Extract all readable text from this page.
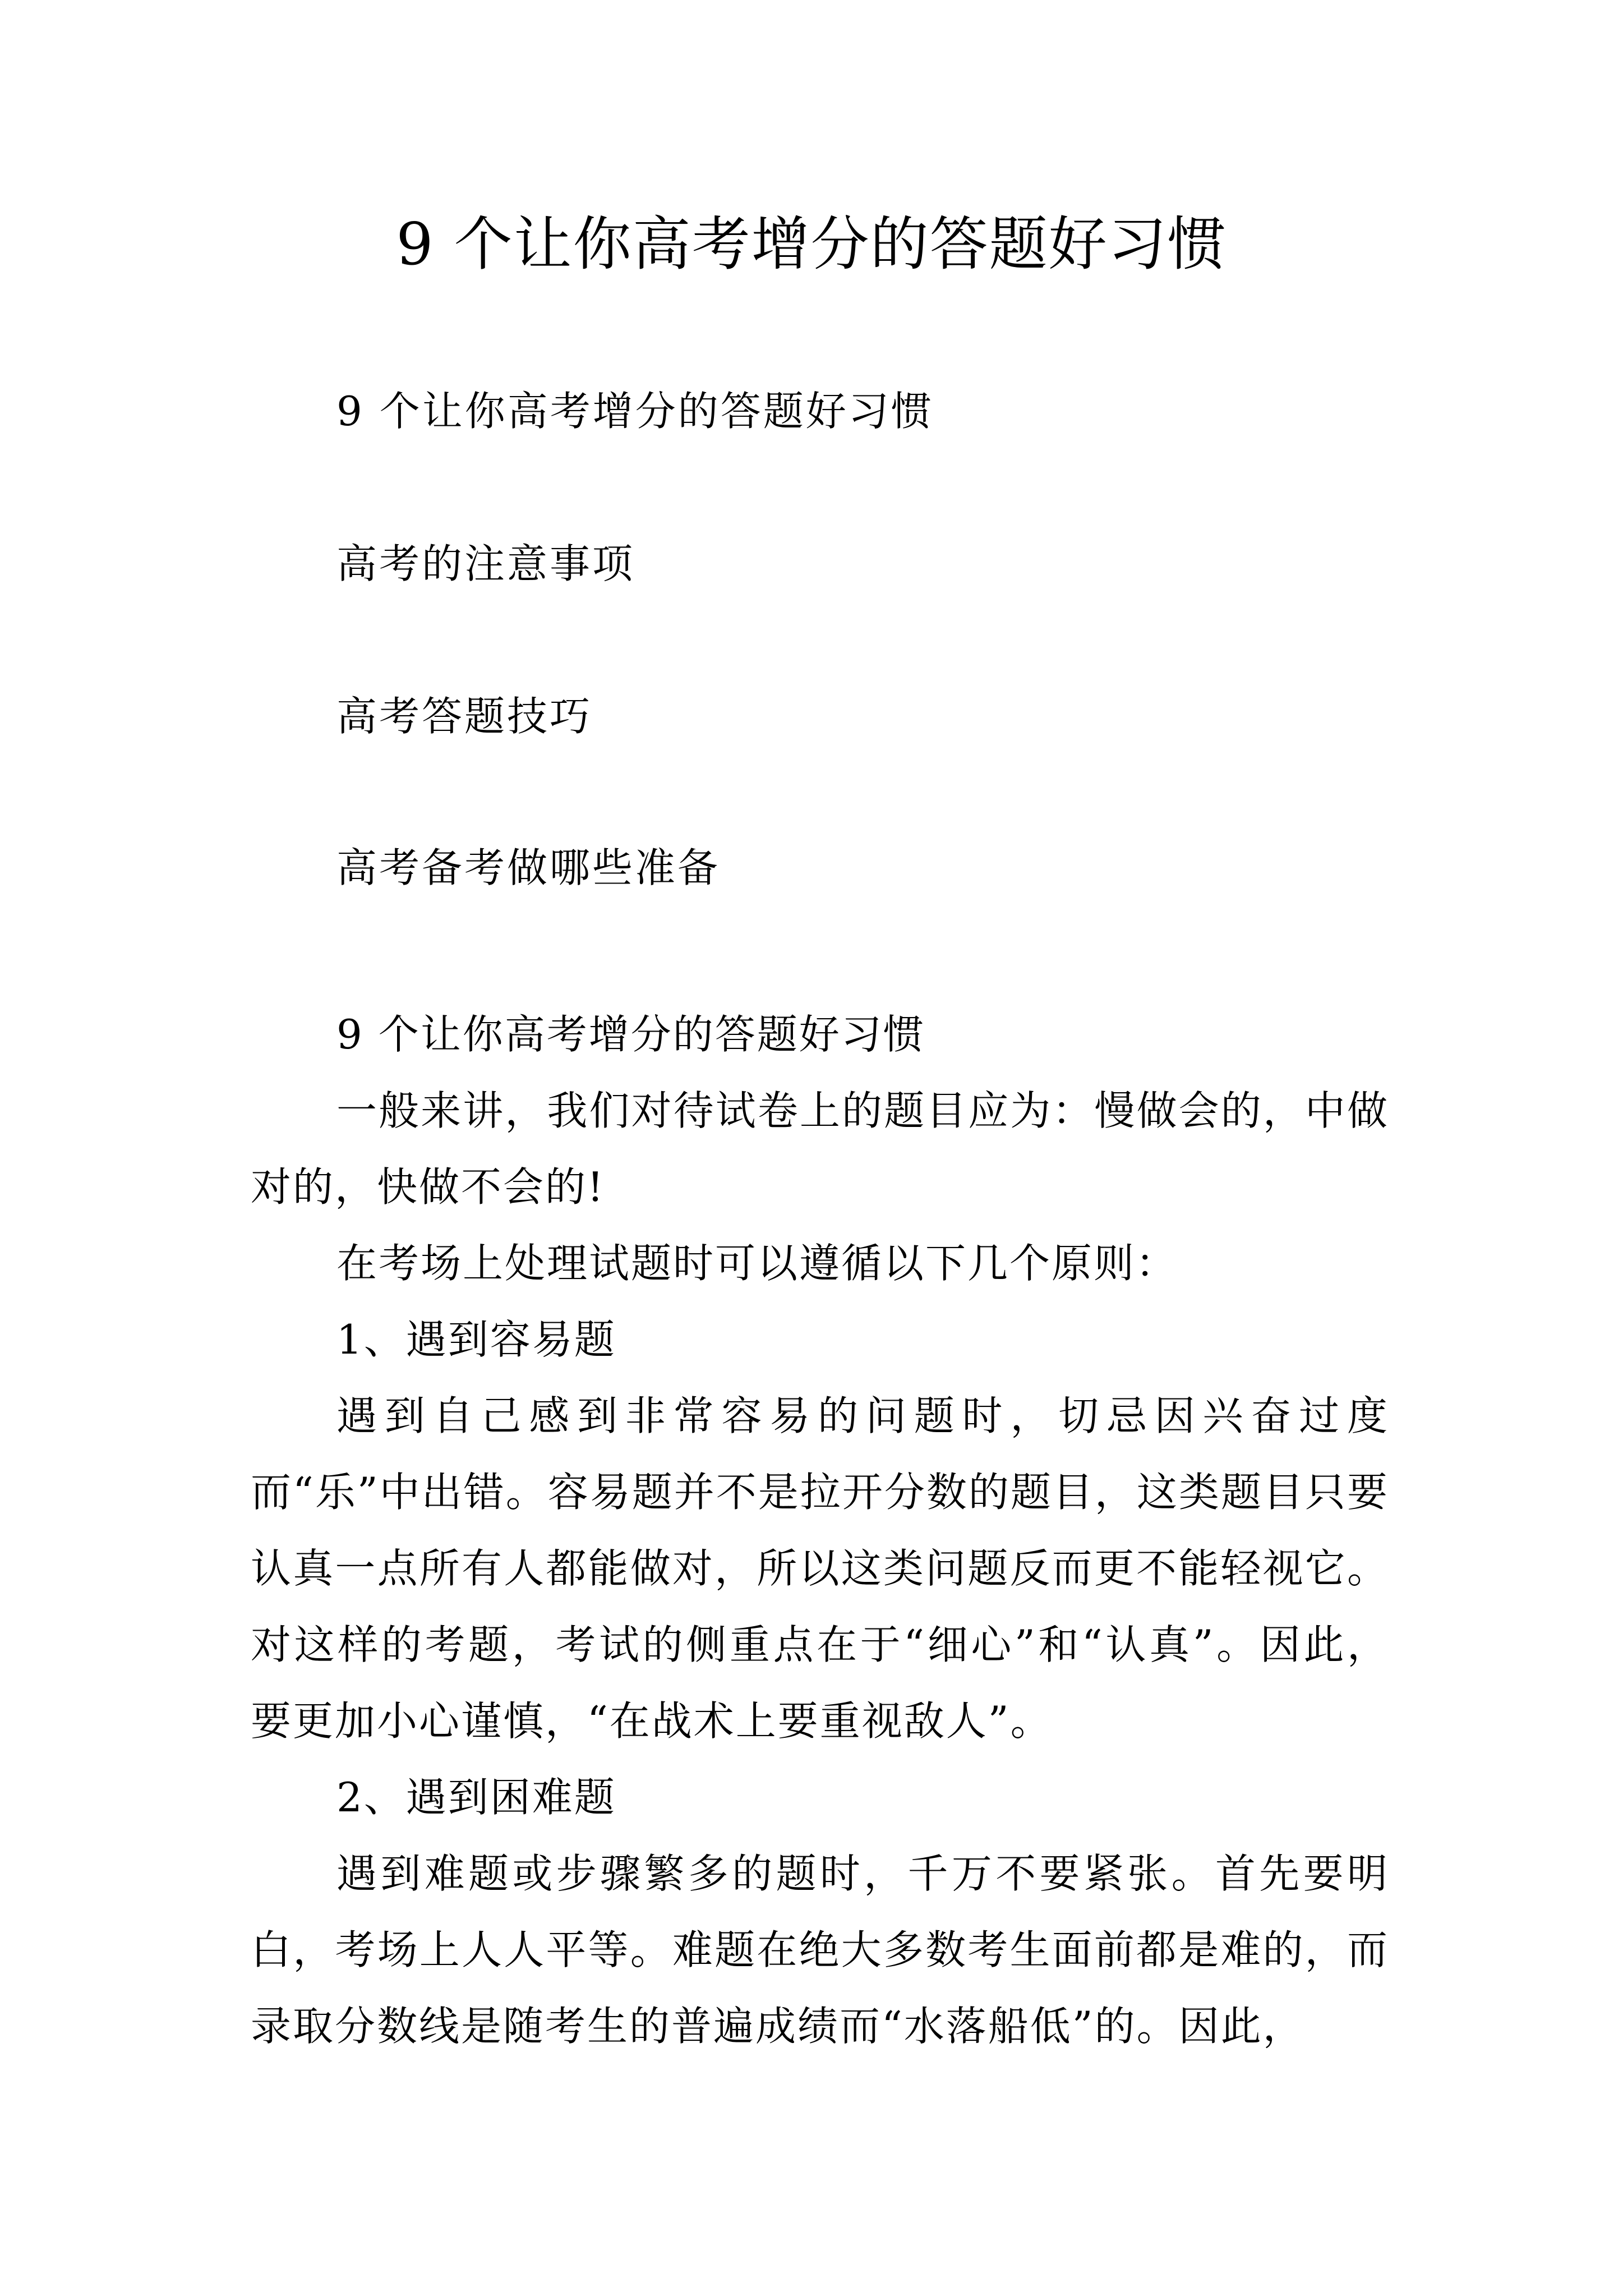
9 个让你高考增分的答题好习惯
9 个让你高考增分的答题好习惯
高考的注意事项
高考答题技巧
高考备考做哪些准备

9 个让你高考增分的答题好习惯

一般来讲，我们对待试卷上的题目应为：慢做会的，中做对的，快做不会的!

在考场上处理试题时可以遵循以下几个原则：

1、遇到容易题

遇到自己感到非常容易的问题时，切忌因兴奋过度而“乐”中出错。容易题并不是拉开分数的题目，这类题目只要认真一点所有人都能做对，所以这类问题反而更不能轻视它。对这样的考题，考试的侧重点在于“细心”和“认真”。因此，要更加小心谨慎，“在战术上要重视敌人”。

2、遇到困难题

遇到难题或步骤繁多的题时，千万不要紧张。首先要明白，考场上人人平等。难题在绝大多数考生面前都是难的，而录取分数线是随考生的普遍成绩而“水落船低”的。因此，
